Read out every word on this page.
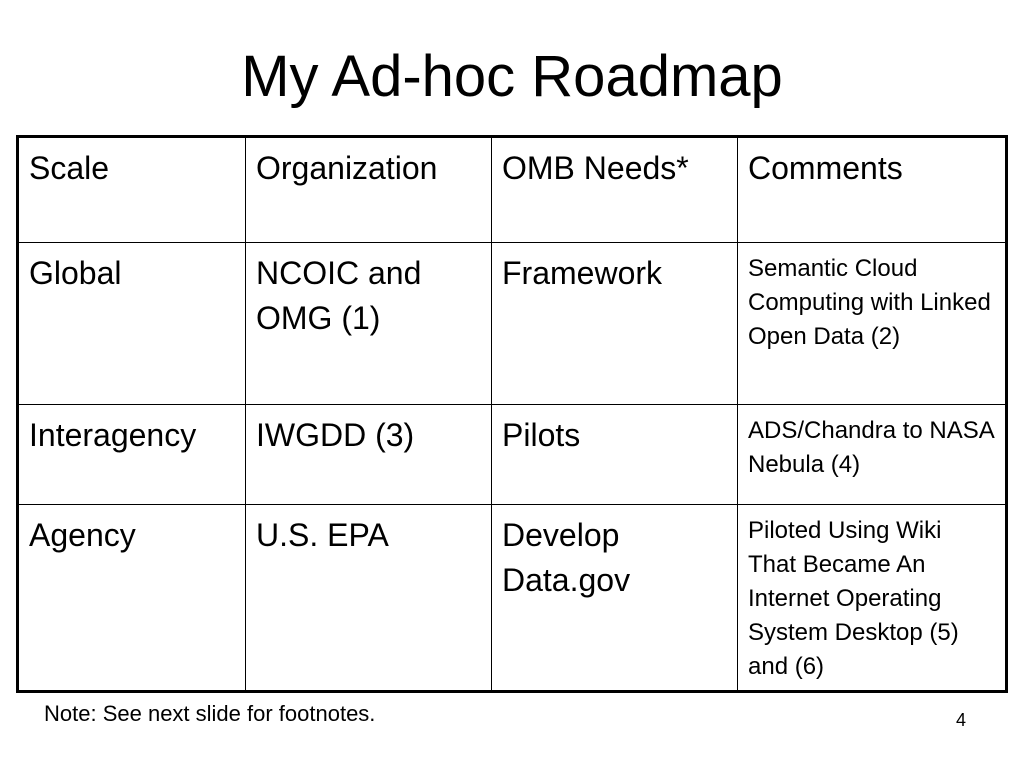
My Ad-hoc Roadmap
Scale	Organization	OMB Needs*	Comments
Global	NCOIC and OMG (1)	Framework	Semantic Cloud Computing with Linked Open Data (2)
Interagency	IWGDD (3)	Pilots	ADS/Chandra to NASA Nebula (4)
Agency	U.S. EPA	Develop Data.gov	Piloted Using Wiki That Became An Internet Operating System Desktop (5) and (6)
Note: See next slide for footnotes.	4
